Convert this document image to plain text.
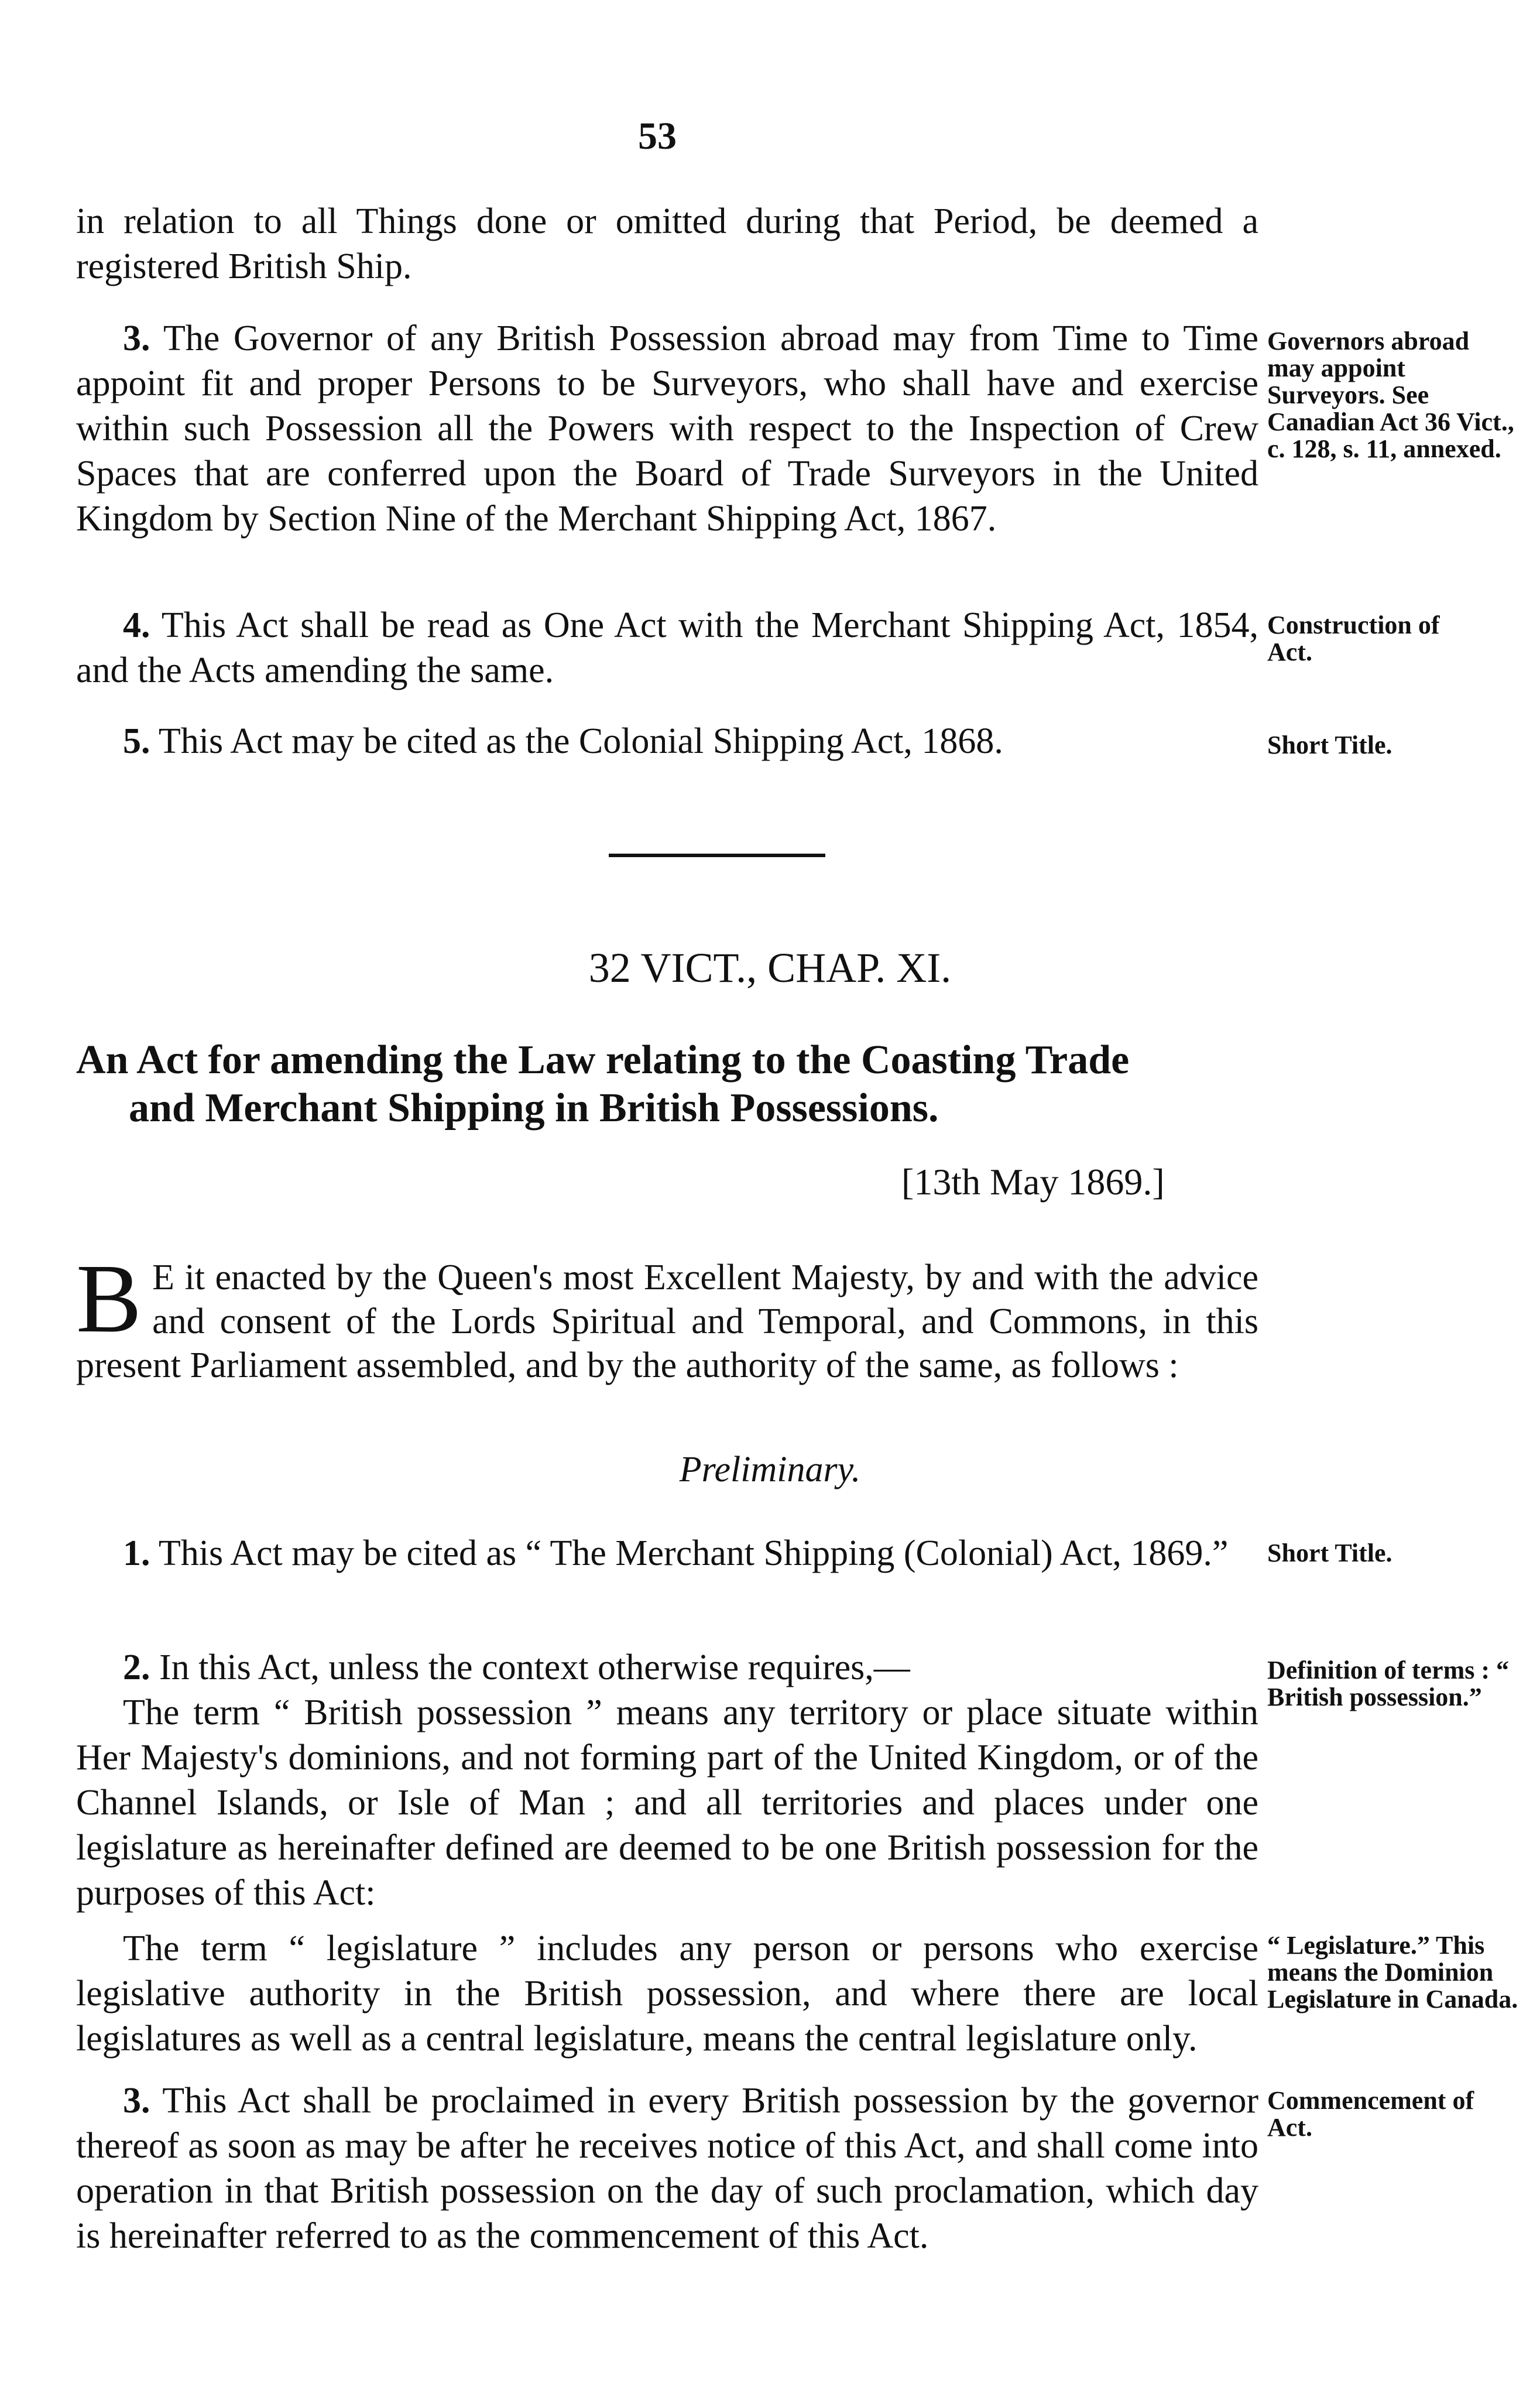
53
in relation to all Things done or omitted during that Period, be deemed a registered British Ship.
3. The Governor of any British Possession abroad may from Time to Time appoint fit and proper Persons to be Surveyors, who shall have and exercise within such Possession all the Powers with respect to the Inspection of Crew Spaces that are conferred upon the Board of Trade Surveyors in the United Kingdom by Section Nine of the Merchant Shipping Act, 1867.
Governors abroad may appoint Surveyors. See Canadian Act 36 Vict., c. 128, s. 11, annexed.
4. This Act shall be read as One Act with the Merchant Shipping Act, 1854, and the Acts amending the same.
Construction of Act.
5. This Act may be cited as the Colonial Shipping Act, 1868.	Short Title.
32 VICT., CHAP. XI.
An Act for amending the Law relating to the Coasting Trade
and Merchant Shipping in British Possessions.
[13th May 1869.]
B E it enacted by the Queen's most Excellent Majesty, by and with the advice and consent of the Lords Spiritual and Temporal, and Commons, in this present Parliament assembled, and by the authority of the same, as follows :
Preliminary.
1. This Act may be cited as “ The Merchant Shipping (Colonial) Act, 1869.”	Short Title.
2. In this Act, unless the context otherwise requires,—
The term “ British possession ” means any territory or place situate within Her Majesty's dominions, and not forming part of the United Kingdom, or of the Channel Islands, or Isle of Man ; and all territories and places under one legislature as hereinafter defined are deemed to be one British possession for the purposes of this Act:
The term “ legislature ” includes any person or persons who exercise legislative authority in the British possession, and where there are local legislatures as well as a central legislature, means the central legislature only.
Definition of terms : “ British possession.”
“ Legislature.” This means the Dominion Legislature in Canada.
3. This Act shall be proclaimed in every British possession by the governor thereof as soon as may be after he receives notice of this Act, and shall come into operation in that British possession on the day of such proclamation, which day is hereinafter referred to as the commencement of this Act.
Commencement of Act.
